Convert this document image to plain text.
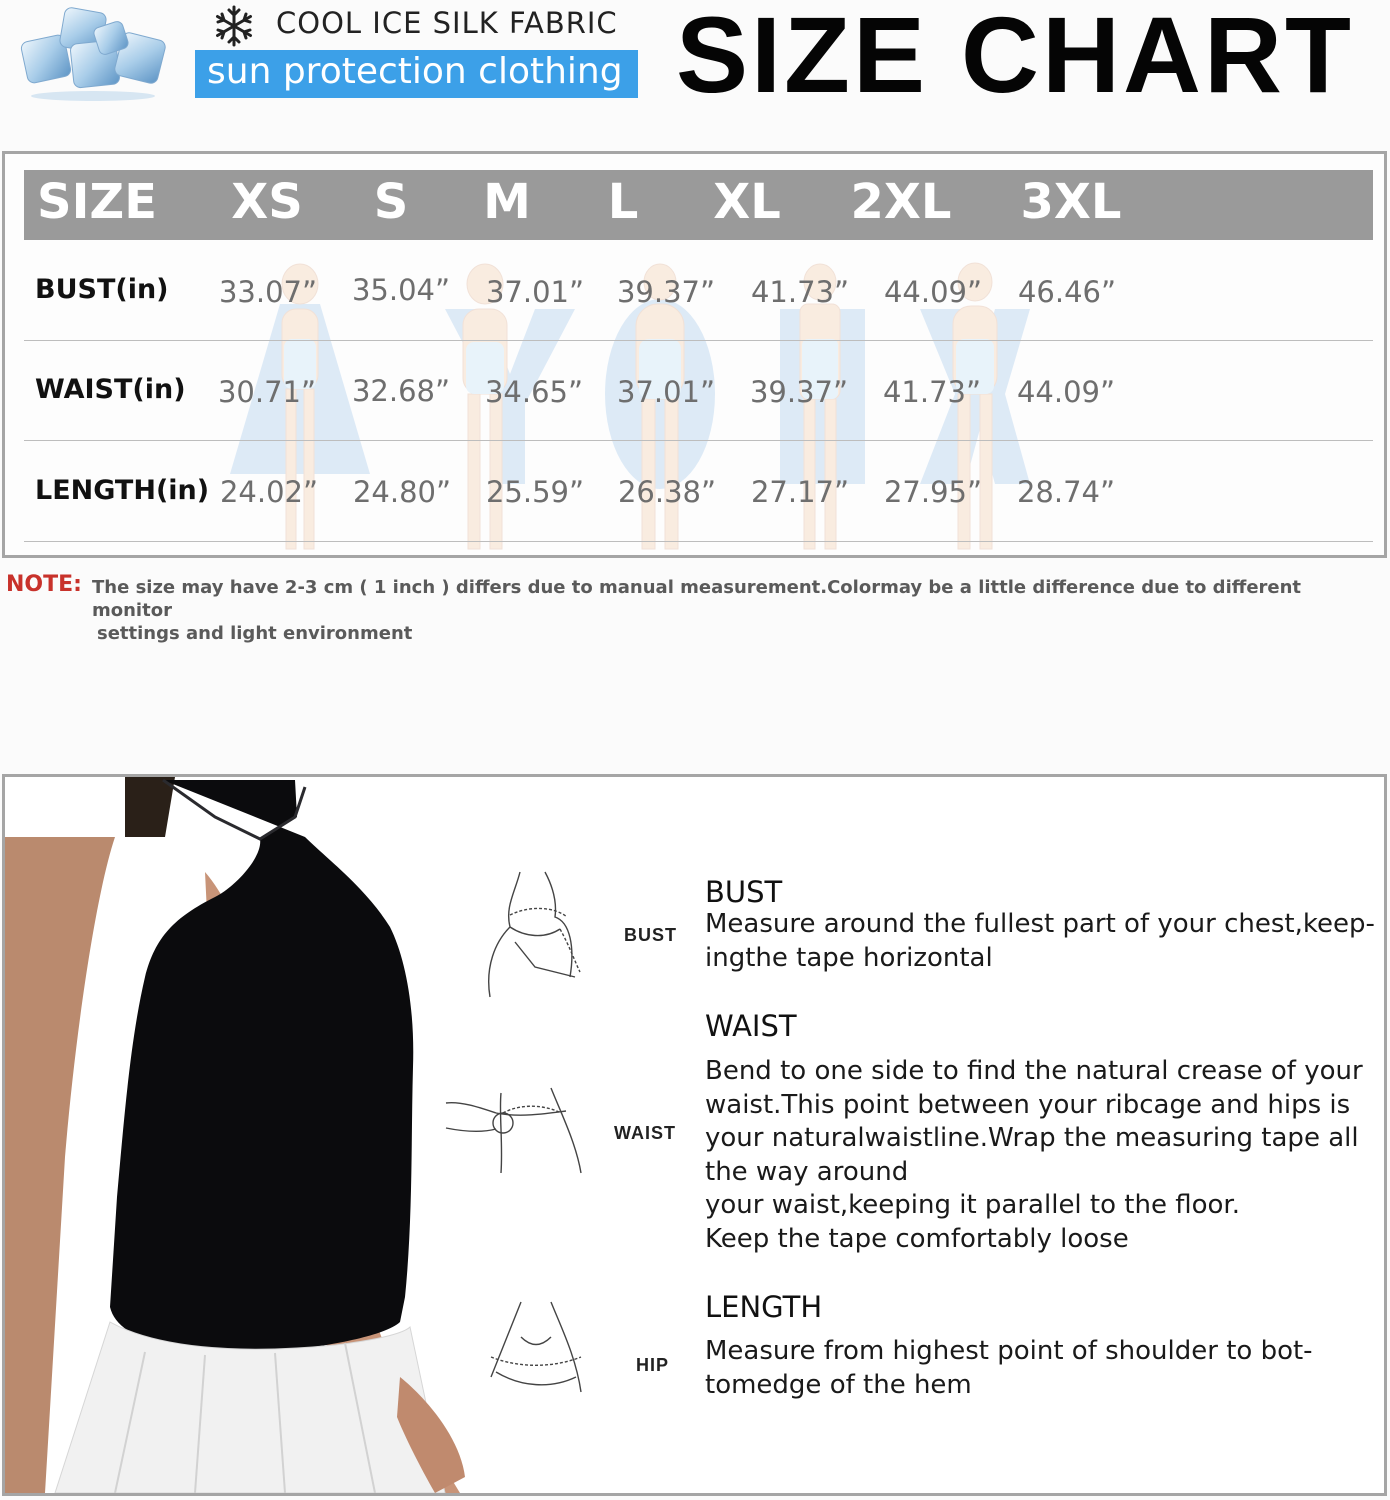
COOL ICE SILK FABRIC
sun protection clothing SIZE CHART
SIZE	XS	S	M	L	XL	2XL	3XL
BUST(in)	33.07”	35.04”	37.01”	39.37”	41.73”	44.09”	46.46”
WAIST(in)	30.71”	32.68”	34.65”	37.01”	39.37”	41.73”	44.09”
LENGTH(in) 24.02”	24.80”	25.59”	26.38”	27.17”	27.95”	28.74”
NOTE: The size may have 2-3 cm ( 1 inch ) differs due to manual measurement.Colormay be a little difference due to different monitor
settings and light environment
BUST
WAIST
HIP
BUST
Measure around the fullest part of your chest,keep-
ingthe tape horizontal
WAIST
Bend to one side to find the natural crease of your
waist.This point between your ribcage and hips is
your naturalwaistline.Wrap the measuring tape all
the way around
your waist,keeping it parallel to the floor.
Keep the tape comfortably loose
LENGTH
Measure from highest point of shoulder to bot-
tomedge of the hem
